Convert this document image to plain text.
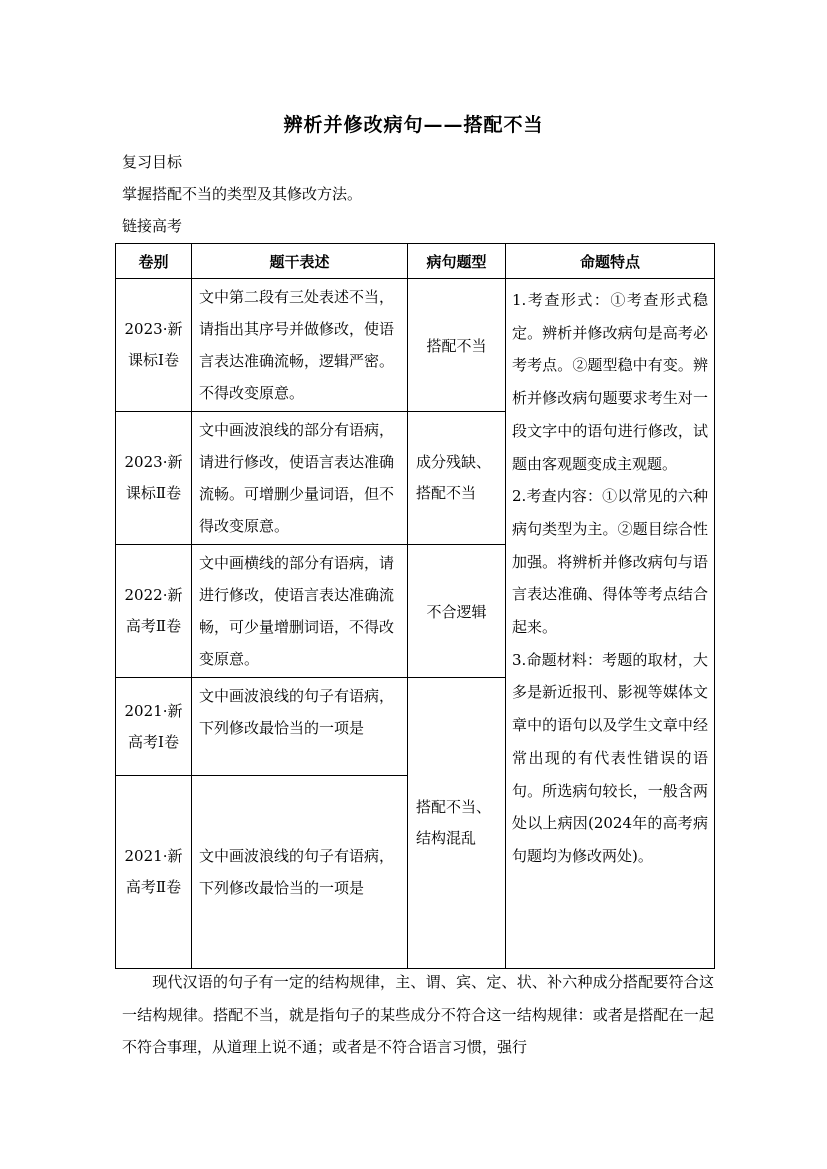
辨析并修改病句——搭配不当
复习目标
掌握搭配不当的类型及其修改方法。
链接高考
卷别	题干表述	病句题型	命题特点
2023·新课标Ⅰ卷	文中第二段有三处表述不当，请指出其序号并做修改，使语言表达准确流畅，逻辑严密。不得改变原意。	搭配不当	1.考查形式：①考查形式稳定。辨析并修改病句是高考必考考点。②题型稳中有变。辨析并修改病句题要求考生对一段文字中的语句进行修改，试题由客观题变成主观题。

2.考查内容：①以常见的六种病句类型为主。②题目综合性加强。将辨析并修改病句与语言表达准确、得体等考点结合起来。

3.命题材料：考题的取材，大多是新近报刊、影视等媒体文章中的语句以及学生文章中经常出现的有代表性错误的语句。所选病句较长，一般含两处以上病因(2024年的高考病句题均为修改两处)。

2023·新课标Ⅱ卷	文中画波浪线的部分有语病，请进行修改，使语言表达准确流畅。可增删少量词语，但不得改变原意。	成分残缺、搭配不当	
2022·新高考Ⅱ卷	文中画横线的部分有语病，请进行修改，使语言表达准确流畅，可少量增删词语，不得改变原意。	不合逻辑	
2021·新高考Ⅰ卷	文中画波浪线的句子有语病，下列修改最恰当的一项是	搭配不当、结构混乱	
2021·新高考Ⅱ卷	文中画波浪线的句子有语病，下列修改最恰当的一项是		
现代汉语的句子有一定的结构规律，主、谓、宾、定、状、补六种成分搭配要符合这一结构规律。搭配不当，就是指句子的某些成分不符合这一结构规律：或者是搭配在一起不符合事理，从道理上说不通；或者是不符合语言习惯，强行
